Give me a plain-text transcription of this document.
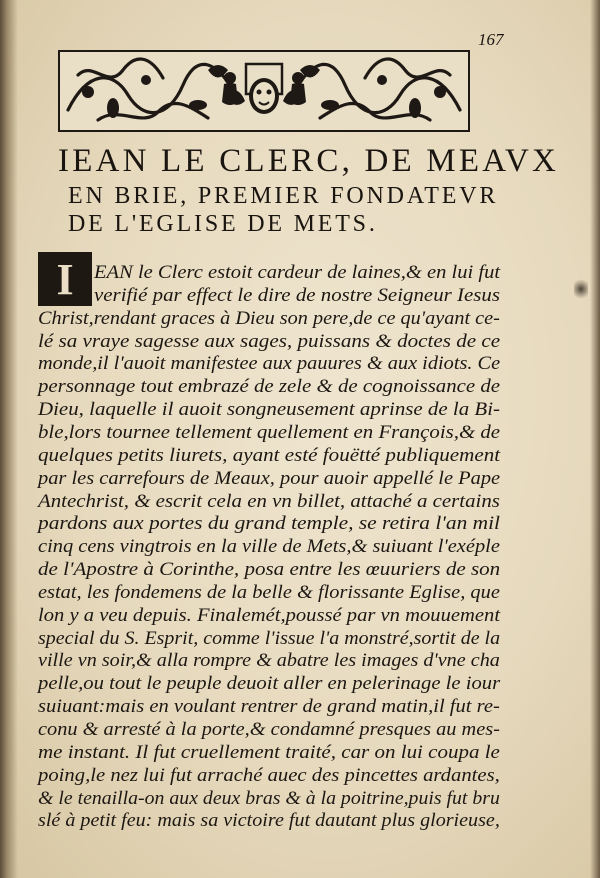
167
IEAN LE CLERC, DE MEAVX
EN BRIE, PREMIER FONDATEVR
DE L'EGLISE DE METS.
I	EAN le Clerc estoit cardeur de laines,& en lui fut
verifié par effect le dire de nostre Seigneur Iesus
Christ,rendant graces à Dieu son pere,de ce qu'ayant ce-
lé sa vraye sagesse aux sages, puissans & doctes de ce
monde,il l'auoit manifestee aux pauures & aux idiots. Ce
personnage tout embrazé de zele & de cognoissance de
Dieu, laquelle il auoit songneusement aprinse de la Bi-
ble,lors tournee tellement quellement en François,& de
quelques petits liurets, ayant esté fouëtté publiquement
par les carrefours de Meaux, pour auoir appellé le Pape
Antechrist, & escrit cela en vn billet, attaché a certains
pardons aux portes du grand temple, se retira l'an mil
cinq cens vingtrois en la ville de Mets,& suiuant l'exéple
de l'Apostre à Corinthe, posa entre les œuuriers de son
estat, les fondemens de la belle & florissante Eglise, que
lon y a veu depuis. Finalemét,poussé par vn mouuement
special du S. Esprit, comme l'issue l'a monstré,sortit de la
ville vn soir,& alla rompre & abatre les images d'vne cha
pelle,ou tout le peuple deuoit aller en pelerinage le iour
suiuant:mais en voulant rentrer de grand matin,il fut re-
conu & arresté à la porte,& condamné presques au mes-
me instant. Il fut cruellement traité, car on lui coupa le
poing,le nez lui fut arraché auec des pincettes ardantes,
& le tenailla-on aux deux bras & à la poitrine,puis fut bru
slé à petit feu: mais sa victoire fut dautant plus glorieuse,
